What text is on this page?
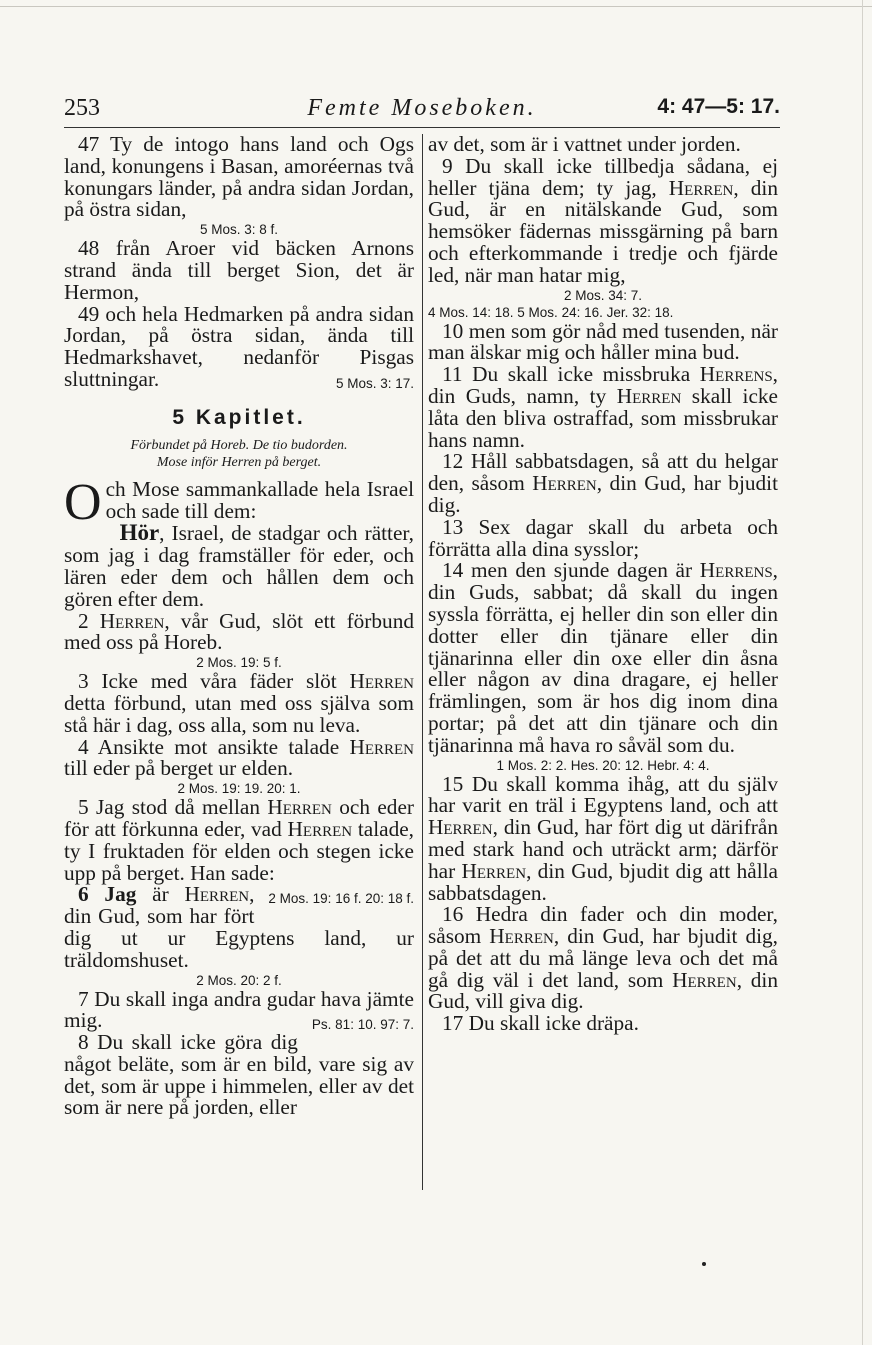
253	Femte Moseboken.	4: 47—5: 17.

47 Ty de intogo hans land och Ogs land, konungens i Basan, amoréernas två konungars länder, på andra sidan Jordan, på östra sidan,

5 Mos. 3: 8 f.

48 från Aroer vid bäcken Arnons strand ända till berget Sion, det är Hermon,

49 och hela Hedmarken på andra sidan Jordan, på östra sidan, ända till Hedmarkshavet, nedanför Pisgas sluttningar.	5 Mos. 3: 17.

5 Kapitlet.

Förbundet på Horeb. De tio budorden.

Mose inför Herren på berget.

O ch Mose sammankallade hela Israel och sade till dem:

Hör, Israel, de stadgar och rätter, som jag i dag framställer för eder, och lären eder dem och hållen dem och gören efter dem.

2 Herren, vår Gud, slöt ett förbund med oss på Horeb.

2 Mos. 19: 5 f.

3 Icke med våra fäder slöt Herren detta förbund, utan med oss själva som stå här i dag, oss alla, som nu leva.

4 Ansikte mot ansikte talade Herren till eder på berget ur elden.

2 Mos. 19: 19. 20: 1.

5 Jag stod då mellan Herren och eder för att förkunna eder, vad Herren talade, ty I fruktaden för elden och stegen icke upp på berget. Han sade:
2 Mos. 19: 16 f. 20: 18 f.

6 Jag är Herren, din Gud, som har fört dig ut ur Egyptens land, ur träldomshuset.

2 Mos. 20: 2 f.

7 Du skall inga andra gudar hava jämte mig.	Ps. 81: 10. 97: 7.

8 Du skall icke göra dig något beläte, som är en bild, vare sig av det, som är uppe i himmelen, eller av det som är nere på jorden, eller

av det, som är i vattnet under jorden.

9 Du skall icke tillbedja sådana, ej heller tjäna dem; ty jag, Herren, din Gud, är en nitälskande Gud, som hemsöker fädernas missgärning på barn och efterkommande i tredje och fjärde led, när man hatar mig,

2 Mos. 34: 7.

4 Mos. 14: 18. 5 Mos. 24: 16. Jer. 32: 18.

10 men som gör nåd med tusenden, när man älskar mig och håller mina bud.

11 Du skall icke missbruka Herrens, din Guds, namn, ty Herren skall icke låta den bliva ostraffad, som missbrukar hans namn.

12 Håll sabbatsdagen, så att du helgar den, såsom Herren, din Gud, har bjudit dig.

13 Sex dagar skall du arbeta och förrätta alla dina sysslor;

14 men den sjunde dagen är Herrens, din Guds, sabbat; då skall du ingen syssla förrätta, ej heller din son eller din dotter eller din tjänare eller din tjänarinna eller din oxe eller din åsna eller någon av dina dragare, ej heller främlingen, som är hos dig inom dina portar; på det att din tjänare och din tjänarinna må hava ro såväl som du.

1 Mos. 2: 2. Hes. 20: 12. Hebr. 4: 4.

15 Du skall komma ihåg, att du själv har varit en träl i Egyptens land, och att Herren, din Gud, har fört dig ut därifrån med stark hand och uträckt arm; därför har Herren, din Gud, bjudit dig att hålla sabbatsdagen.

16 Hedra din fader och din moder, såsom Herren, din Gud, har bjudit dig, på det att du må länge leva och det må gå dig väl i det land, som Herren, din Gud, vill giva dig.

17 Du skall icke dräpa.
